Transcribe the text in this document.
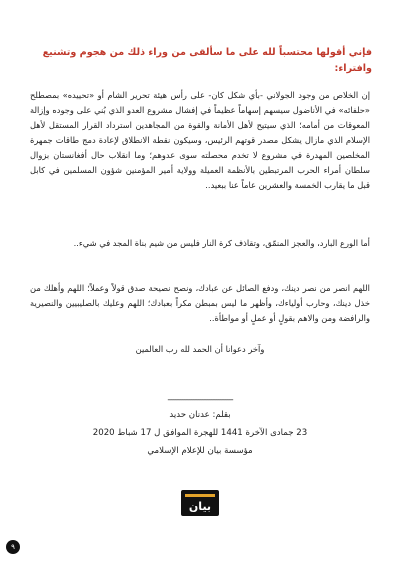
فإني أقولها محتسباً لله على ما سألقى من وراء ذلك من هجوم وتشنيع وافتراء:
إن الخلاص من وجود الجولاني -بأي شكل كان- على رأس هيئة تحرير الشام أو «تحييده» بمصطلح «حلفائه» في الأناضول سيسهم إسهاماً عظيماً في إفشال مشروع العدو الذي بُني على وجوده وإزالة المعوقات من أمامه؛ الذي سيتيح لأهل الأمانة والقوة من المجاهدين استرداد القرار المستقل لأهل الإسلام الذي مازال يشكل مصدر قوتهم الرئيس، وسيكون نقطة الانطلاق لإعادة دمج طاقات جمهرة المخلصين المهدرة في مشروع لا تخدم محصلته سوى عدوهم؛ وما انقلاب حال أفغانستان بزوال سلطان أمراء الحرب المرتبطين بالأنظمة العميلة وولاية أمير المؤمنين شؤون المسلمين في كابل قبل ما يقارب الخمسة والعشرين عاماً عنا ببعيد..
أما الورع البارد، والعجز المنمّق، وتقاذف كرة النار فليس من شيم بناة المجد في شيء..
اللهم انصر من نصر دينك، ودفع الصائل عن عبادك، ونصح نصيحة صدق قولاً وعملاً؛ اللهم وأهلك من خذل دينك، وحارب أولياءك، وأظهر ما ليس بمبطن مكراً بعبادك؛ اللهم وعليك بالصليبيين والنصيرية والرافضة ومن والاهم بقولٍ أو عملٍ أو مواطأة..
وآخر دعوانا أن الحمد لله رب العالمين
-----------------------------
بقلم: عدنان حديد
23 جمادى الآخرة 1441 للهجرة الموافق ل 17 شباط 2020
مؤسسة بيان للإعلام الإسلامي
بيان
٩
